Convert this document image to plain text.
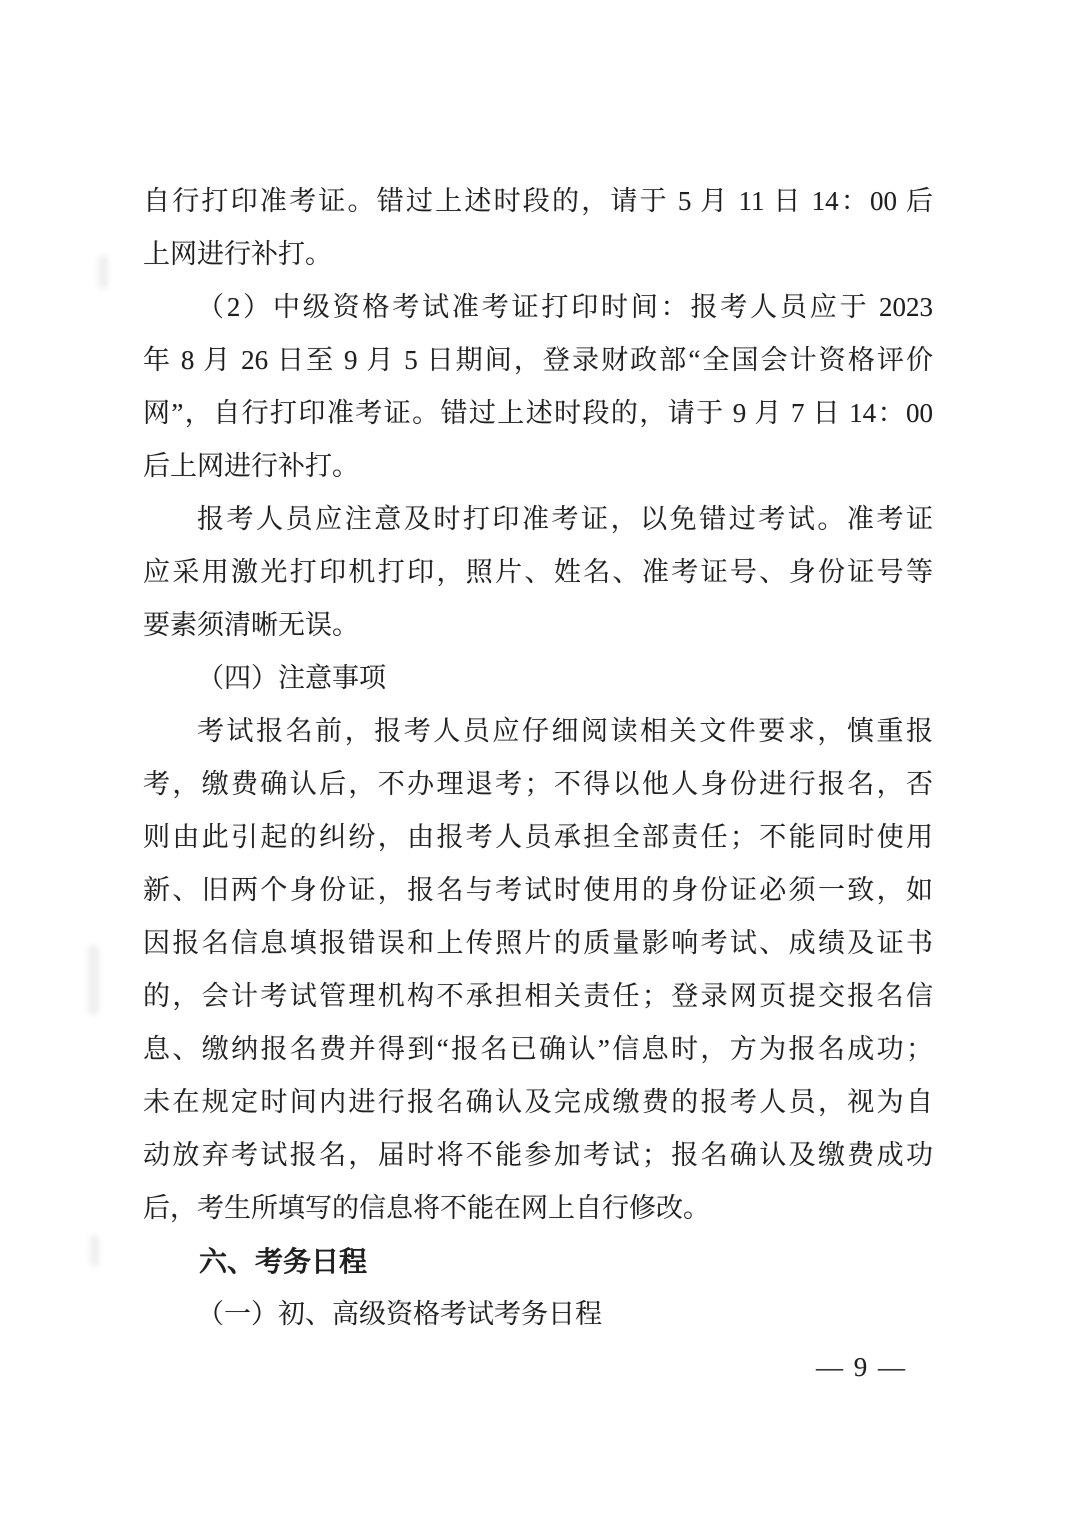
自行打印准考证。错过上述时段的，请于 5 月 11 日 14：00 后
上网进行补打。
（2）中级资格考试准考证打印时间：报考人员应于 2023
年 8 月 26 日至 9 月 5 日期间，登录财政部“全国会计资格评价
网”，自行打印准考证。错过上述时段的，请于 9 月 7 日 14：00
后上网进行补打。
报考人员应注意及时打印准考证，以免错过考试。准考证
应采用激光打印机打印，照片、姓名、准考证号、身份证号等
要素须清晰无误。
（四）注意事项
考试报名前，报考人员应仔细阅读相关文件要求，慎重报
考，缴费确认后，不办理退考；不得以他人身份进行报名，否
则由此引起的纠纷，由报考人员承担全部责任；不能同时使用
新、旧两个身份证，报名与考试时使用的身份证必须一致，如
因报名信息填报错误和上传照片的质量影响考试、成绩及证书
的，会计考试管理机构不承担相关责任；登录网页提交报名信
息、缴纳报名费并得到“报名已确认”信息时，方为报名成功；
未在规定时间内进行报名确认及完成缴费的报考人员，视为自
动放弃考试报名，届时将不能参加考试；报名确认及缴费成功
后，考生所填写的信息将不能在网上自行修改。
六、考务日程
（一）初、高级资格考试考务日程
— 9 —
